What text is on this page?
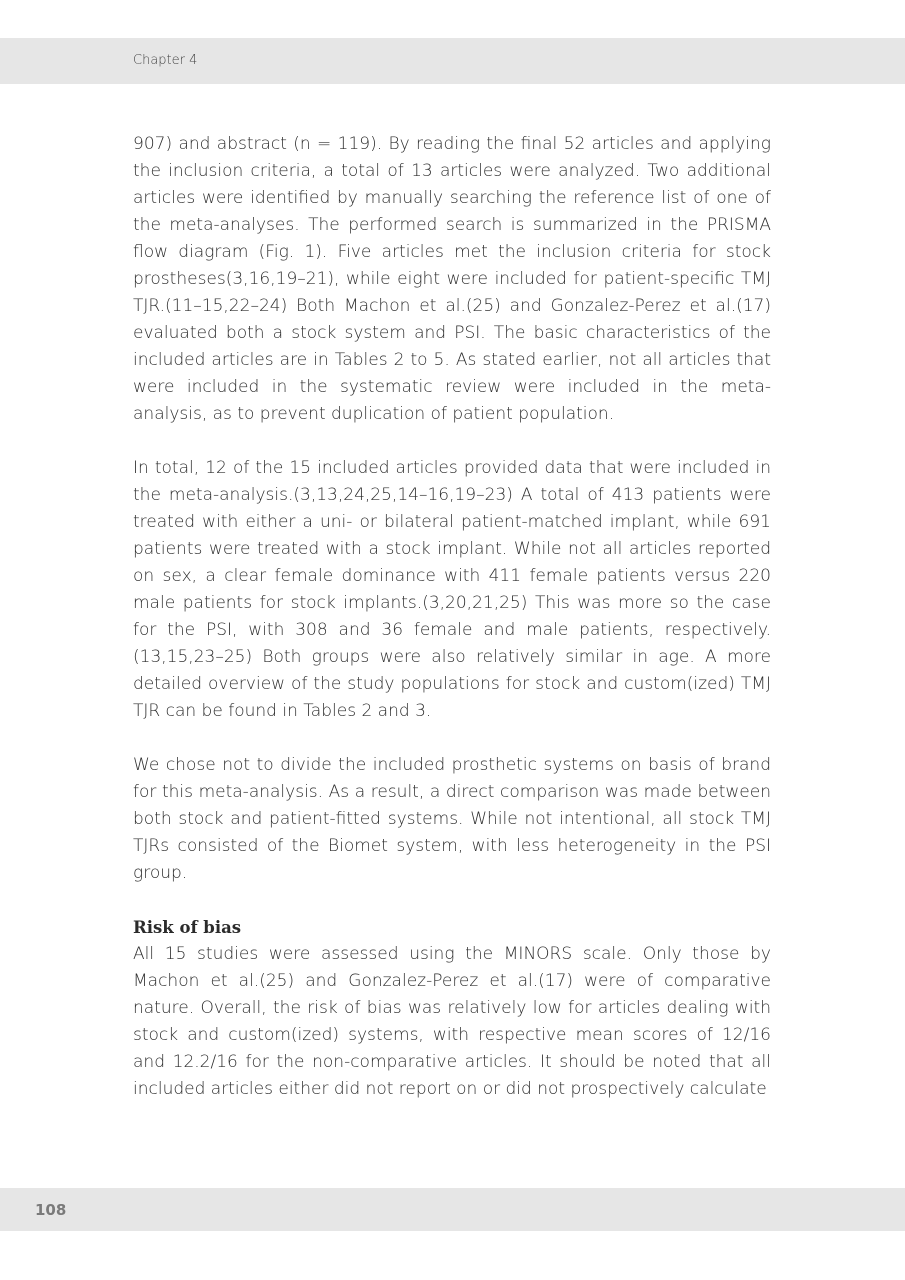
Chapter 4

907) and abstract (n = 119). By reading the final 52 articles and applying the inclusion criteria, a total of 13 articles were analyzed. Two additional articles were identified by manually searching the reference list of one of the meta-analyses. The performed search is summarized in the PRISMA flow diagram (Fig. 1). Five articles met the inclusion criteria for stock prostheses(3,16,19–21), while eight were included for patient-specific TMJ TJR.(11–15,22–24) Both Machon et al.(25) and Gonzalez-Perez et al.(17) evaluated both a stock system and PSI. The basic characteristics of the included articles are in Tables 2 to 5. As stated earlier, not all articles that were included in the systematic review were included in the meta-analysis, as to prevent duplication of patient population.

In total, 12 of the 15 included articles provided data that were included in the meta-analysis.(3,13,24,25,14–16,19–23) A total of 413 patients were treated with either a uni- or bilateral patient-matched implant, while 691 patients were treated with a stock implant. While not all articles reported on sex, a clear female dominance with 411 female patients versus 220 male patients for stock implants.(3,20,21,25) This was more so the case for the PSI, with 308 and 36 female and male patients, respectively.(13,15,23–25) Both groups were also relatively similar in age. A more detailed overview of the study populations for stock and custom(ized) TMJ TJR can be found in Tables 2 and 3.

We chose not to divide the included prosthetic systems on basis of brand for this meta-analysis. As a result, a direct comparison was made between both stock and patient-fitted systems. While not intentional, all stock TMJ TJRs consisted of the Biomet system, with less heterogeneity in the PSI group.

Risk of bias

All 15 studies were assessed using the MINORS scale. Only those by Machon et al.(25) and Gonzalez-Perez et al.(17) were of comparative nature. Overall, the risk of bias was relatively low for articles dealing with stock and custom(ized) systems, with respective mean scores of 12/16 and 12.2/16 for the non-comparative articles. It should be noted that all included articles either did not report on or did not prospectively calculate

108
